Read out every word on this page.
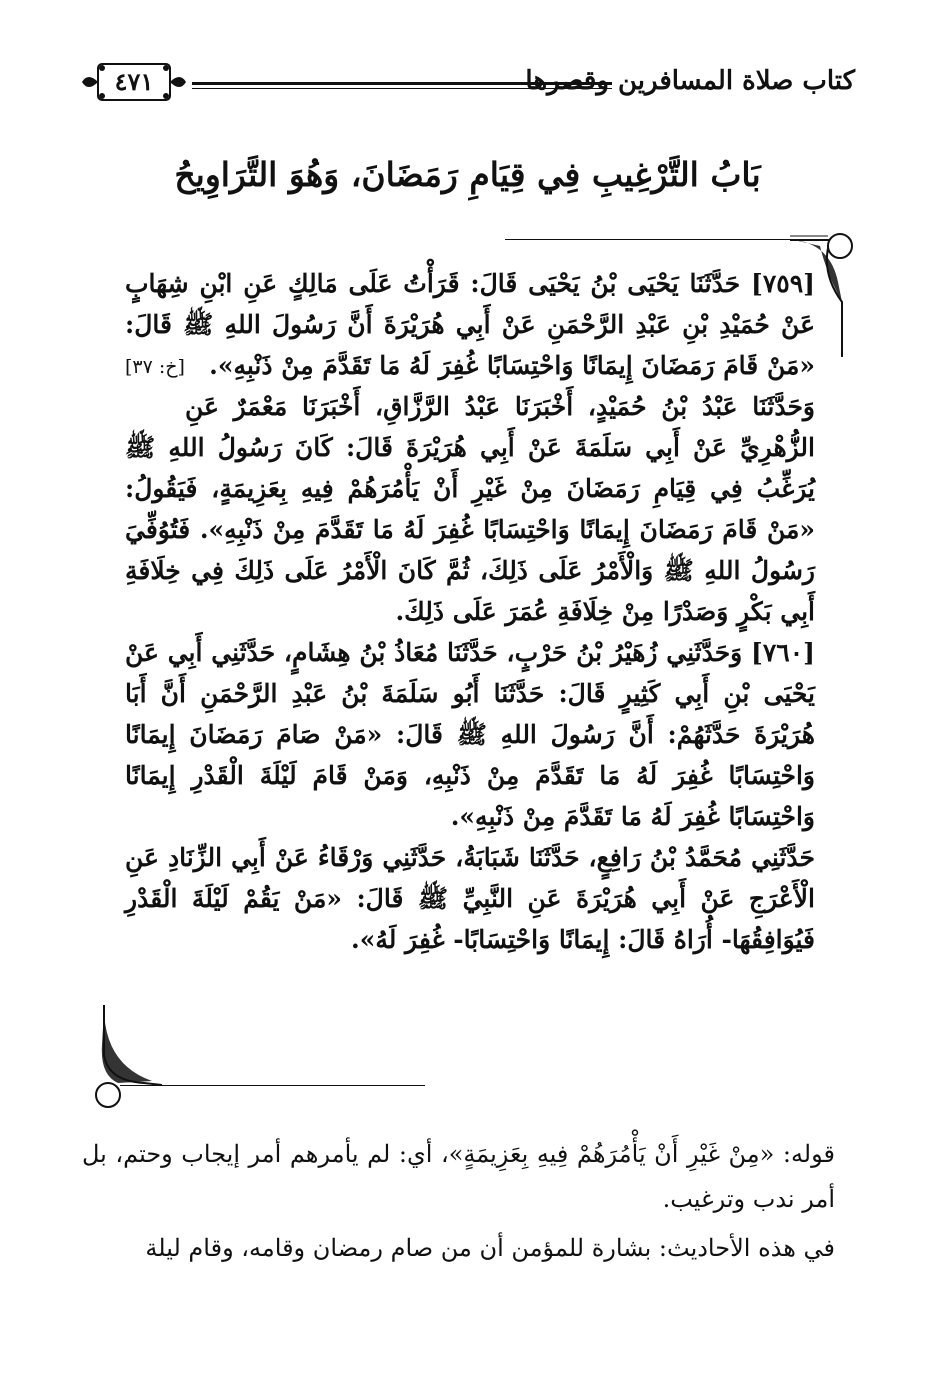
كتاب صلاة المسافرين وقصرها
٤٧١
بَابُ التَّرْغِيبِ فِي قِيَامِ رَمَضَانَ، وَهُوَ التَّرَاوِيحُ

[٧٥٩] حَدَّثَنَا يَحْيَى بْنُ يَحْيَى قَالَ: قَرَأْتُ عَلَى مَالِكٍ عَنِ ابْنِ شِهَابٍ عَنْ حُمَيْدِ بْنِ عَبْدِ الرَّحْمَنِ عَنْ أَبِي هُرَيْرَةَ أَنَّ رَسُولَ اللهِ ﷺ قَالَ: «مَنْ قَامَ رَمَضَانَ إِيمَانًا وَاحْتِسَابًا غُفِرَ لَهُ مَا تَقَدَّمَ مِنْ ذَنْبِهِ».
[خ: ٣٧]

وَحَدَّثَنَا عَبْدُ بْنُ حُمَيْدٍ، أَخْبَرَنَا عَبْدُ الرَّزَّاقِ، أَخْبَرَنَا مَعْمَرٌ عَنِ الزُّهْرِيِّ عَنْ أَبِي سَلَمَةَ عَنْ أَبِي هُرَيْرَةَ قَالَ: كَانَ رَسُولُ اللهِ ﷺ يُرَغِّبُ فِي قِيَامِ رَمَضَانَ مِنْ غَيْرِ أَنْ يَأْمُرَهُمْ فِيهِ بِعَزِيمَةٍ، فَيَقُولُ: «مَنْ قَامَ رَمَضَانَ إِيمَانًا وَاحْتِسَابًا غُفِرَ لَهُ مَا تَقَدَّمَ مِنْ ذَنْبِهِ». فَتُوُفِّيَ رَسُولُ اللهِ ﷺ وَالْأَمْرُ عَلَى ذَلِكَ، ثُمَّ كَانَ الْأَمْرُ عَلَى ذَلِكَ فِي خِلَافَةِ أَبِي بَكْرٍ وَصَدْرًا مِنْ خِلَافَةِ عُمَرَ عَلَى ذَلِكَ.

[٧٦٠] وَحَدَّثَنِي زُهَيْرُ بْنُ حَرْبٍ، حَدَّثَنَا مُعَاذُ بْنُ هِشَامٍ، حَدَّثَنِي أَبِي عَنْ يَحْيَى بْنِ أَبِي كَثِيرٍ قَالَ: حَدَّثَنَا أَبُو سَلَمَةَ بْنُ عَبْدِ الرَّحْمَنِ أَنَّ أَبَا هُرَيْرَةَ حَدَّثَهُمْ: أَنَّ رَسُولَ اللهِ ﷺ قَالَ: «مَنْ صَامَ رَمَضَانَ إِيمَانًا وَاحْتِسَابًا غُفِرَ لَهُ مَا تَقَدَّمَ مِنْ ذَنْبِهِ، وَمَنْ قَامَ لَيْلَةَ الْقَدْرِ إِيمَانًا وَاحْتِسَابًا غُفِرَ لَهُ مَا تَقَدَّمَ مِنْ ذَنْبِهِ».

حَدَّثَنِي مُحَمَّدُ بْنُ رَافِعٍ، حَدَّثَنَا شَبَابَةُ، حَدَّثَنِي وَرْقَاءُ عَنْ أَبِي الزِّنَادِ عَنِ الْأَعْرَجِ عَنْ أَبِي هُرَيْرَةَ عَنِ النَّبِيِّ ﷺ قَالَ: «مَنْ يَقُمْ لَيْلَةَ الْقَدْرِ فَيُوَافِقُهَا- أُرَاهُ قَالَ: إِيمَانًا وَاحْتِسَابًا- غُفِرَ لَهُ».

قوله: «مِنْ غَيْرِ أَنْ يَأْمُرَهُمْ فِيهِ بِعَزِيمَةٍ»، أي: لم يأمرهم أمر إيجاب وحتم، بل أمر ندب وترغيب.

في هذه الأحاديث: بشارة للمؤمن أن من صام رمضان وقامه، وقام ليلة
